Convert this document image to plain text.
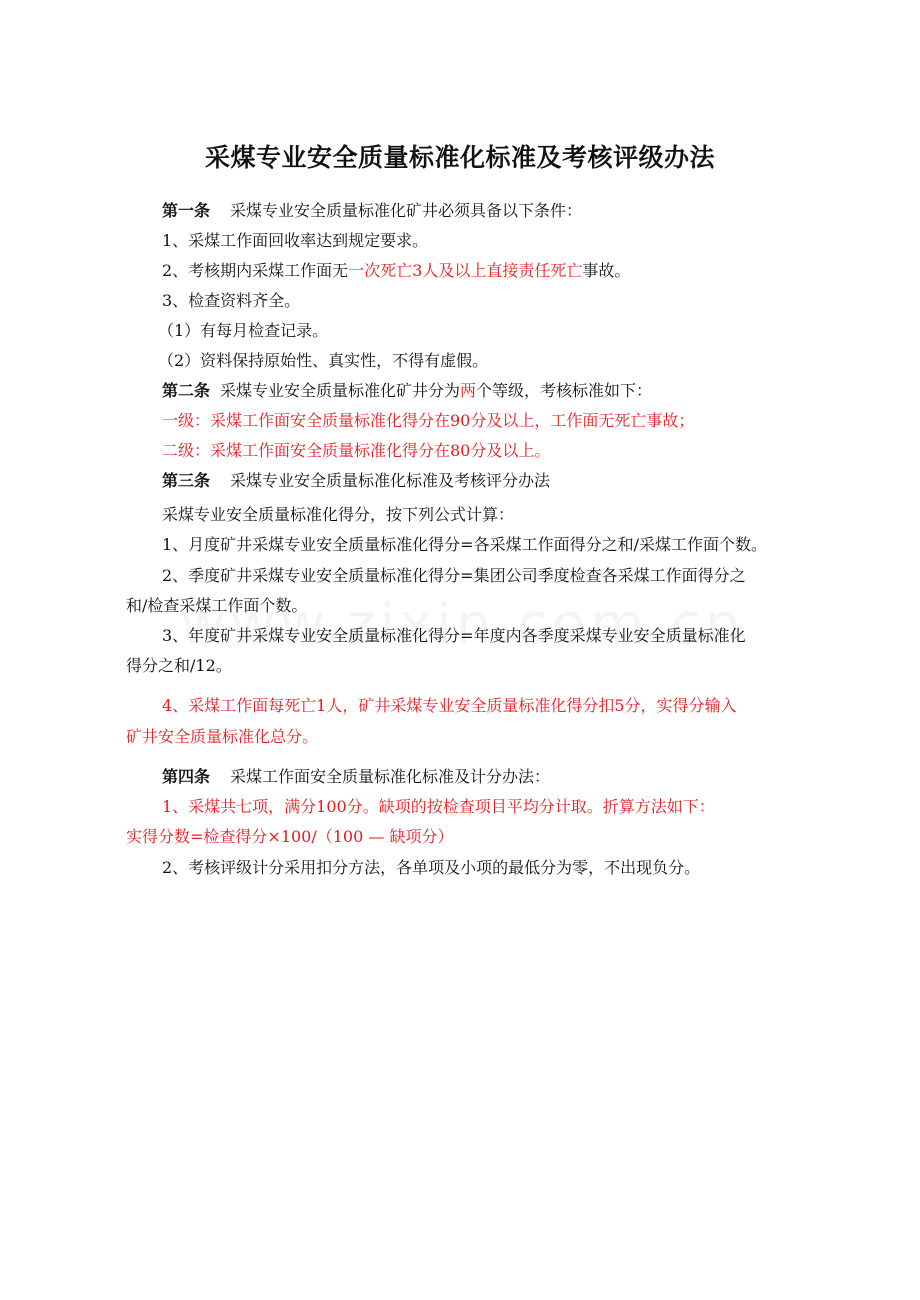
采煤专业安全质量标准化标准及考核评级办法
第一条 采煤专业安全质量标准化矿井必须具备以下条件：
1、采煤工作面回收率达到规定要求。
2、考核期内采煤工作面无一次死亡3人及以上直接责任死亡事故。
3、检查资料齐全。
（1）有每月检查记录。
（2）资料保持原始性、真实性，不得有虚假。
第二条 采煤专业安全质量标准化矿井分为两个等级，考核标准如下：
一级：采煤工作面安全质量标准化得分在90分及以上，工作面无死亡事故；
二级：采煤工作面安全质量标准化得分在80分及以上。
第三条 采煤专业安全质量标准化标准及考核评分办法
采煤专业安全质量标准化得分，按下列公式计算：
1、月度矿井采煤专业安全质量标准化得分=各采煤工作面得分之和/采煤工作面个数。
2、季度矿井采煤专业安全质量标准化得分=集团公司季度检查各采煤工作面得分之
和/检查采煤工作面个数。
3、年度矿井采煤专业安全质量标准化得分=年度内各季度采煤专业安全质量标准化
得分之和/12。
4、采煤工作面每死亡1人，矿井采煤专业安全质量标准化得分扣5分，实得分输入
矿井安全质量标准化总分。
第四条 采煤工作面安全质量标准化标准及计分办法：
1、采煤共七项，满分100分。缺项的按检查项目平均分计取。折算方法如下：
实得分数=检查得分×100/（100 — 缺项分）
2、考核评级计分采用扣分方法，各单项及小项的最低分为零，不出现负分。
